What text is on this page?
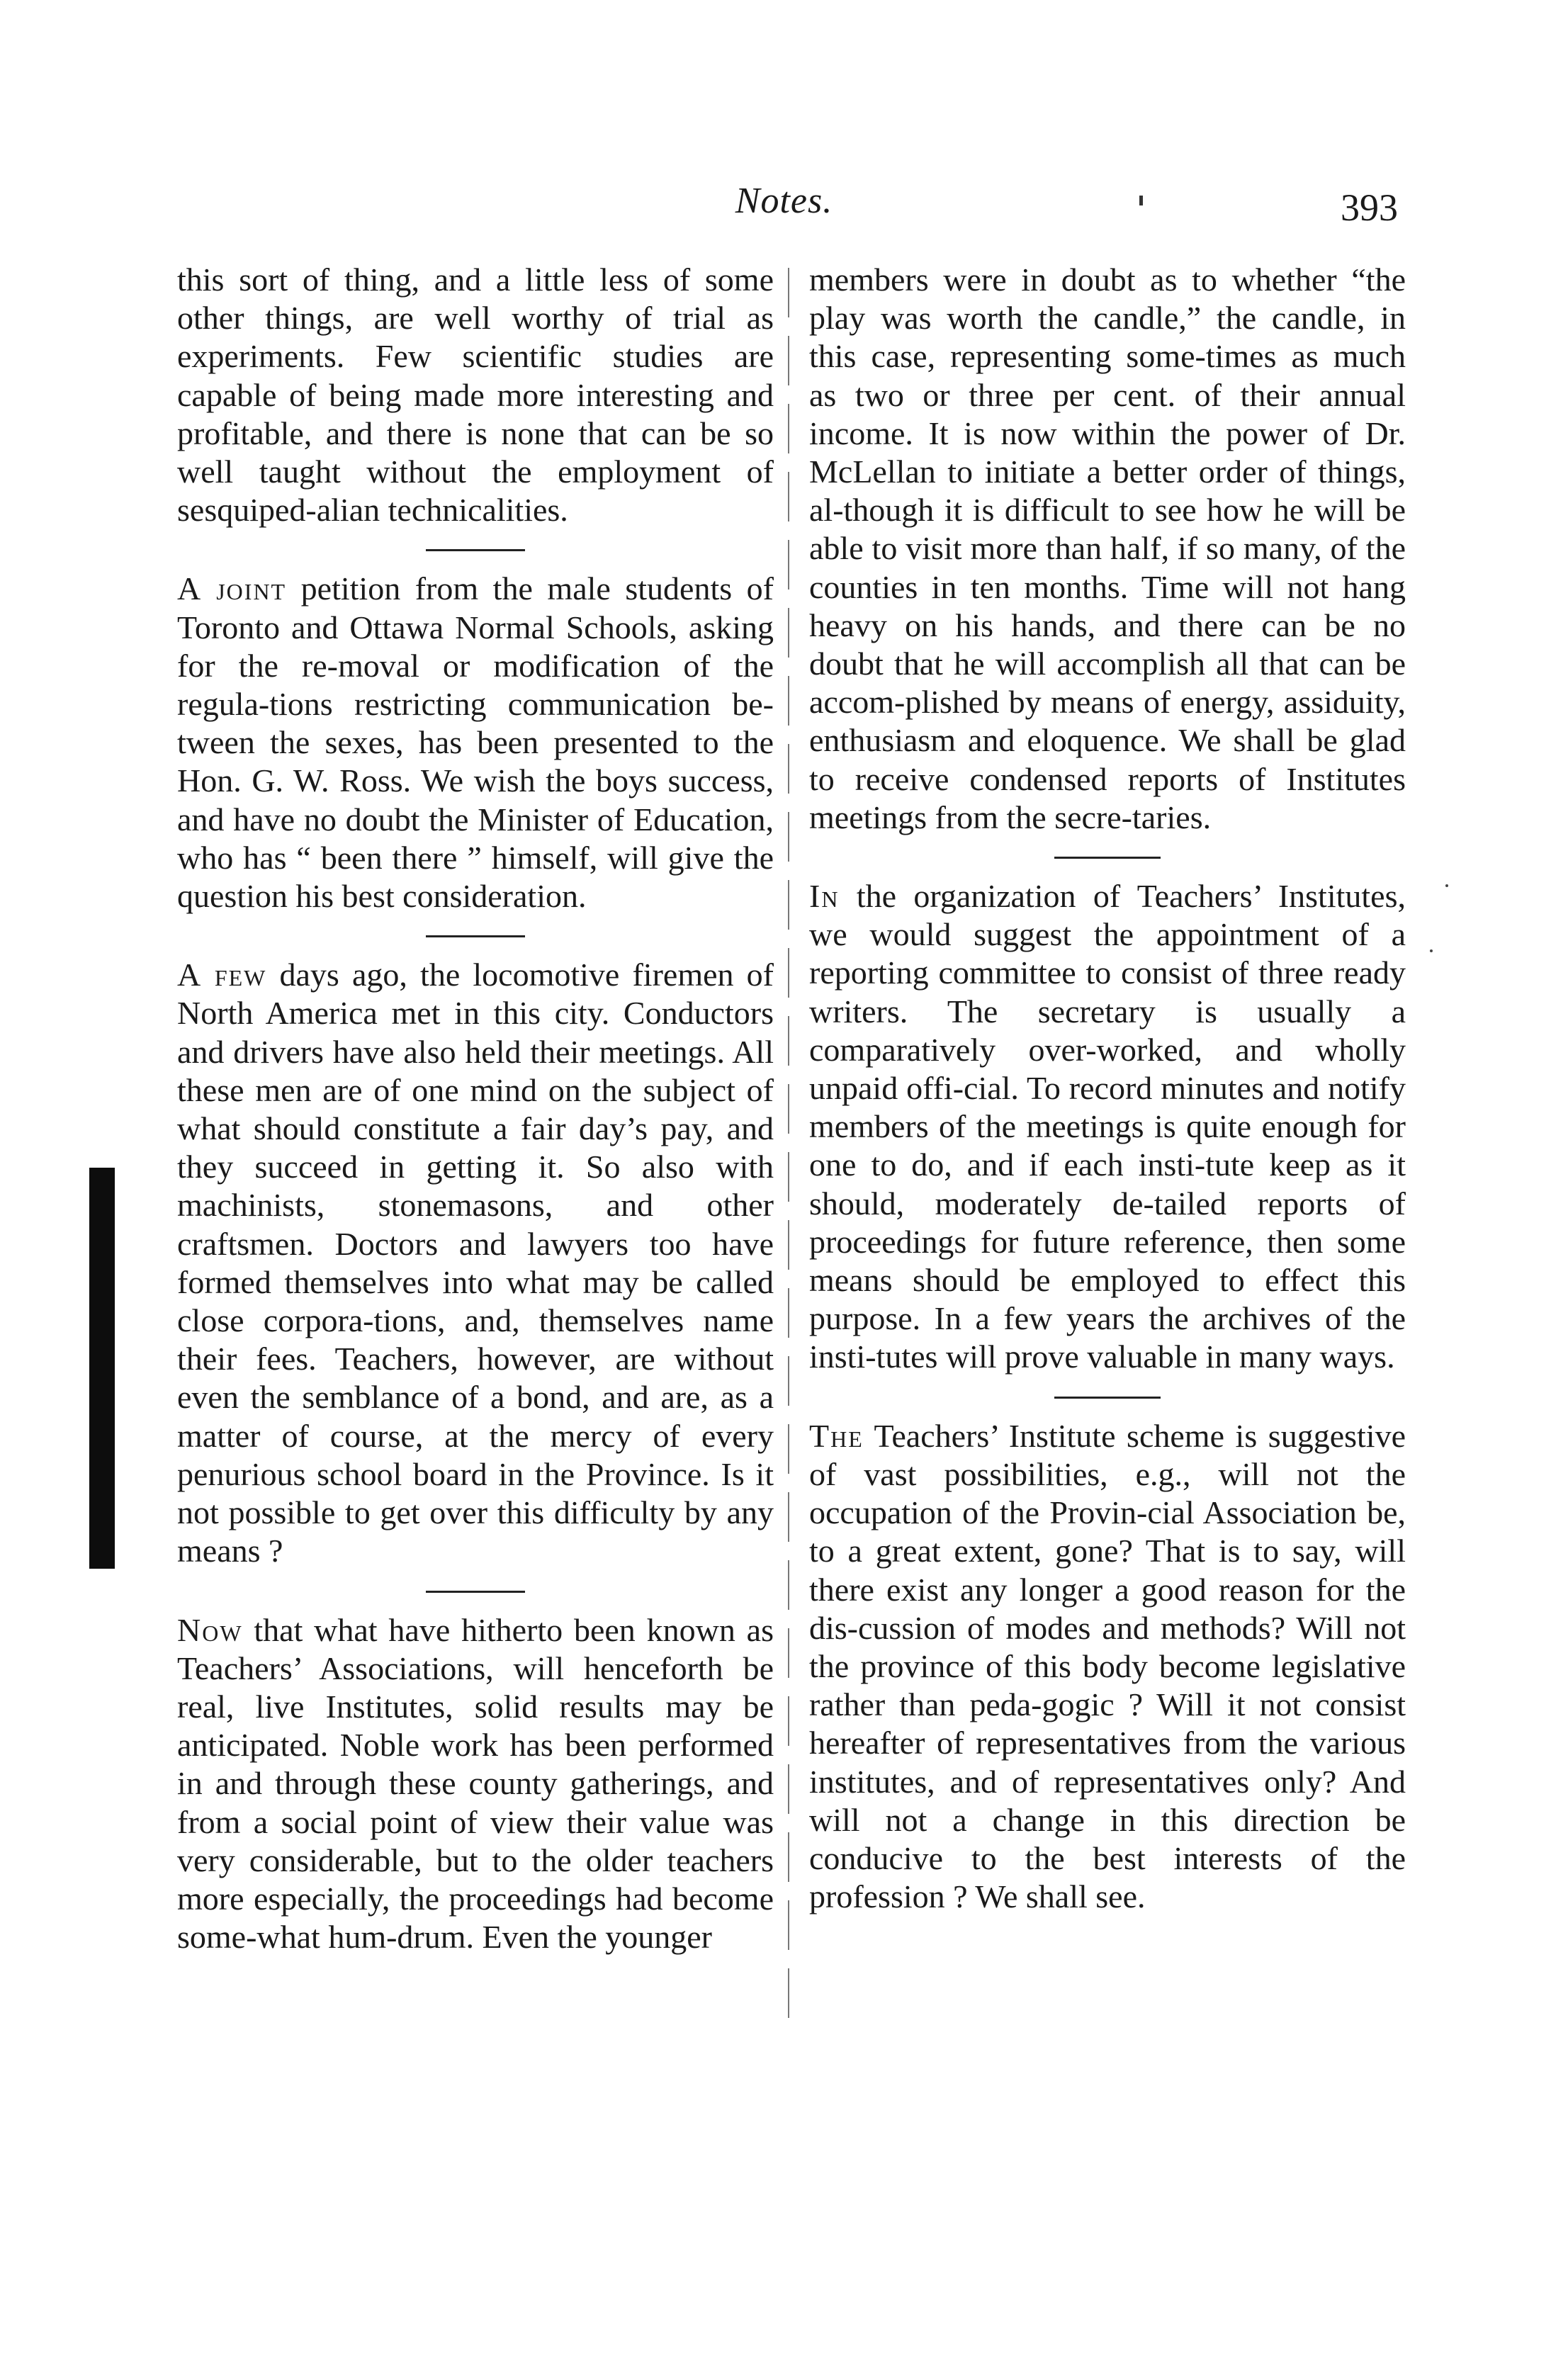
Notes.	393

this sort of thing, and a little less of some other things, are well worthy of trial as experiments. Few scientific studies are capable of being made more interesting and profitable, and there is none that can be so well taught without the employment of sesquiped-alian technicalities.

A joint petition from the male students of Toronto and Ottawa Normal Schools, asking for the re-moval or modification of the regula-tions restricting communication be-tween the sexes, has been presented to the Hon. G. W. Ross. We wish the boys success, and have no doubt the Minister of Education, who has “ been there ” himself, will give the question his best consideration.

A few days ago, the locomotive firemen of North America met in this city. Conductors and drivers have also held their meetings. All these men are of one mind on the subject of what should constitute a fair day’s pay, and they succeed in getting it. So also with machinists, stonemasons, and other craftsmen. Doctors and lawyers too have formed themselves into what may be called close corpora-tions, and, themselves name their fees. Teachers, however, are without even the semblance of a bond, and are, as a matter of course, at the mercy of every penurious school board in the Province. Is it not possible to get over this difficulty by any means ?

Now that what have hitherto been known as Teachers’ Associations, will henceforth be real, live Institutes, solid results may be anticipated. Noble work has been performed in and through these county gatherings, and from a social point of view their value was very considerable, but to the older teachers more especially, the proceedings had become some-what hum-drum. Even the younger

members were in doubt as to whether “the play was worth the candle,” the candle, in this case, representing some-times as much as two or three per cent. of their annual income. It is now within the power of Dr. McLellan to initiate a better order of things, al-though it is difficult to see how he will be able to visit more than half, if so many, of the counties in ten months. Time will not hang heavy on his hands, and there can be no doubt that he will accomplish all that can be accom-plished by means of energy, assiduity, enthusiasm and eloquence. We shall be glad to receive condensed reports of Institutes meetings from the secre-taries.

In the organization of Teachers’ Institutes, we would suggest the appointment of a reporting committee to consist of three ready writers. The secretary is usually a comparatively over-worked, and wholly unpaid offi-cial. To record minutes and notify members of the meetings is quite enough for one to do, and if each insti-tute keep as it should, moderately de-tailed reports of proceedings for future reference, then some means should be employed to effect this purpose. In a few years the archives of the insti-tutes will prove valuable in many ways.

The Teachers’ Institute scheme is suggestive of vast possibilities, e.g., will not the occupation of the Provin-cial Association be, to a great extent, gone? That is to say, will there exist any longer a good reason for the dis-cussion of modes and methods? Will not the province of this body become legislative rather than peda-gogic ? Will it not consist hereafter of representatives from the various institutes, and of representatives only? And will not a change in this direction be conducive to the best interests of the profession ? We shall see.
